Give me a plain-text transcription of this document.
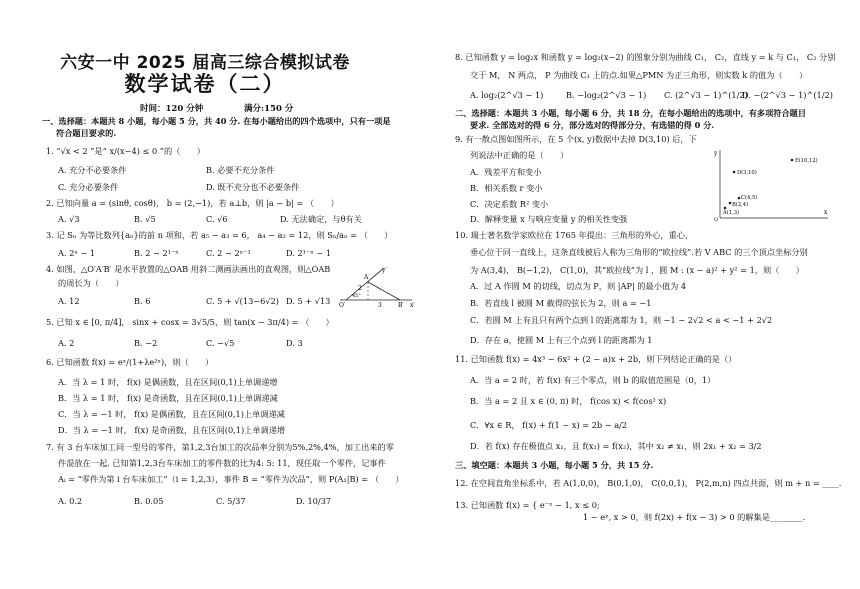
六安一中 2025 届高三综合模拟试卷
数学试卷（二）
时间：120 分钟	满分:150 分
一、选择题：本题共 8 小题，每小题 5 分，共 40 分. 在每小题给出的四个选项中，只有一项是
符合题目要求的.
1. “√x < 2 ”是“ x/(x−4) ≤ 0 ”的（　　）
A. 充分不必要条件	B. 必要不充分条件
C. 充分必要条件	D. 既不充分也不必要条件
2. 已知向量 a = (sinθ, cosθ)， b = (2,−1)，若 a⊥b，则 |a − b| = （　　）
A. √3	B. √5	C. √6	D. 无法确定，与θ有关
3. 记 Sₙ 为等比数列{aₙ}的前 n 项和，若 a₅ − a₃ = 6， a₄ − a₂ = 12，则 Sₙ/aₙ = （　　）
A. 2ⁿ − 1	B. 2 − 2¹⁻ⁿ	C. 2 − 2ⁿ⁻¹	D. 2¹⁻ⁿ − 1
4. 如图，△O′A′B′ 是水平放置的△OAB 用斜二测画法画出的直观图，则△OAB
的周长为（　　）
A. 12	B. 6	C. 5 + √(13−6√2) D. 5 + √13
y′
A′
2
45°
O′	3	B′ x′
5. 已知 x ∈ [0, π/4]， sinx + cosx = 3√5/5，则 tan(x − 3π/4) = （　　）
A. 2	B. −2	C. −√5	D. 3
6. 已知函数 f(x) = eˣ/(1+λe²ˣ)，则（　　）
A．当 λ = 1 时， f(x) 是偶函数，且在区间(0,1)上单调递增
B．当 λ = 1 时， f(x) 是奇函数，且在区间(0,1)上单调递减
C．当 λ = −1 时， f(x) 是偶函数，且在区间(0,1)上单调递减
D．当 λ = −1 时， f(x) 是奇函数，且在区间(0,1)上单调递增
7. 有 3 台车床加工同一型号的零件，第1,2,3台加工的次品率分别为5%,2%,4%，加工出来的零
件混放在一起. 已知第1,2,3台车床加工的零件数的比为4: 5: 11，现任取一个零件，记事件
Aᵢ = “零件为第 i 台车床加工”（i = 1,2,3），事件 B = “零件为次品”，则 P(A₁|B) = （　　）
A. 0.2	B. 0.05	C. 5/37	D. 10/37
8. 已知函数 y = log₂x 和函数 y = log₂(x−2) 的图象分别为曲线 C₁， C₂，直线 y = k 与 C₁， C₂ 分别
交于 M， N 两点， P 为曲线 C₁ 上的点.如果△PMN 为正三角形，则实数 k 的值为（　　）
A. log₂(2^√3 − 1)	B. −log₂(2^√3 − 1) C. (2^√3 − 1)^(1/2)
D. −(2^√3 − 1)^(1/2)
二、选择题：本题共 3 小题，每小题 6 分，共 18 分，在每小题给出的选项中，有多项符合题目
要求. 全部选对的得 6 分，部分选对的得部分分，有选错的得 0 分.
9. 有一散点图如图所示，在 5 个(x, y)数据中去掉 D(3,10) 后，下
列说法中正确的是（　　）
A．残差平方和变小
B．相关系数 r 变小
C．决定系数 R² 变小
D．解释变量 x 与响应变量 y 的相关性变强
y
O
x
E(10,12)
D(3,10)
C(4,5)
B(2,4)
A(1,3)
10. 瑞士著名数学家欧拉在 1765 年提出：三角形的外心，重心，
垂心位于同一直线上，这条直线被后人称为三角形的“欧拉线”.若 V ABC 的三个顶点坐标分别
为 A(3,4)， B(−1,2)， C(1,0)，其“欧拉线”为 l ，圆 M : (x − a)² + y² = 1，则（　　）
A．过 A 作圆 M 的切线，切点为 P，则 |AP| 的最小值为 4
B．若直线 l 被圆 M 截得的弦长为 2，则 a = −1
C．若圆 M 上有且只有两个点到 l 的距离都为 1，则 −1 − 2√2 < a < −1 + 2√2
D．存在 a，使圆 M 上有三个点到 l 的距离都为 1
11. 已知函数 f(x) = 4x³ − 6x² + (2 − a)x + 2b，则下列结论正确的是（）
A．当 a = 2 时，若 f(x) 有三个零点，则 b 的取值范围是（0，1）
B．当 a = 2 且 x ∈ (0, π) 时， f(cos x) < f(cos² x)
C．∀x ∈ R， f(x) + f(1 − x) = 2b − a/2
D．若 f(x) 存在极值点 x₁，且 f(x₁) = f(x₂)，其中 x₂ ≠ x₁，则 2x₁ + x₂ = 3/2
三、填空题：本题共 3 小题，每小题 5 分，共 15 分.
12. 在空间直角坐标系中，若 A(1,0,0)， B(0,1,0)， C(0,0,1)， P(2,m,n) 四点共面，则 m + n = ____.
13. 已知函数 f(x) = { e⁻ˣ − 1, x ≤ 0;
1 − eˣ, x > 0，则 f(2x) + f(x − 3) > 0 的解集是________.
